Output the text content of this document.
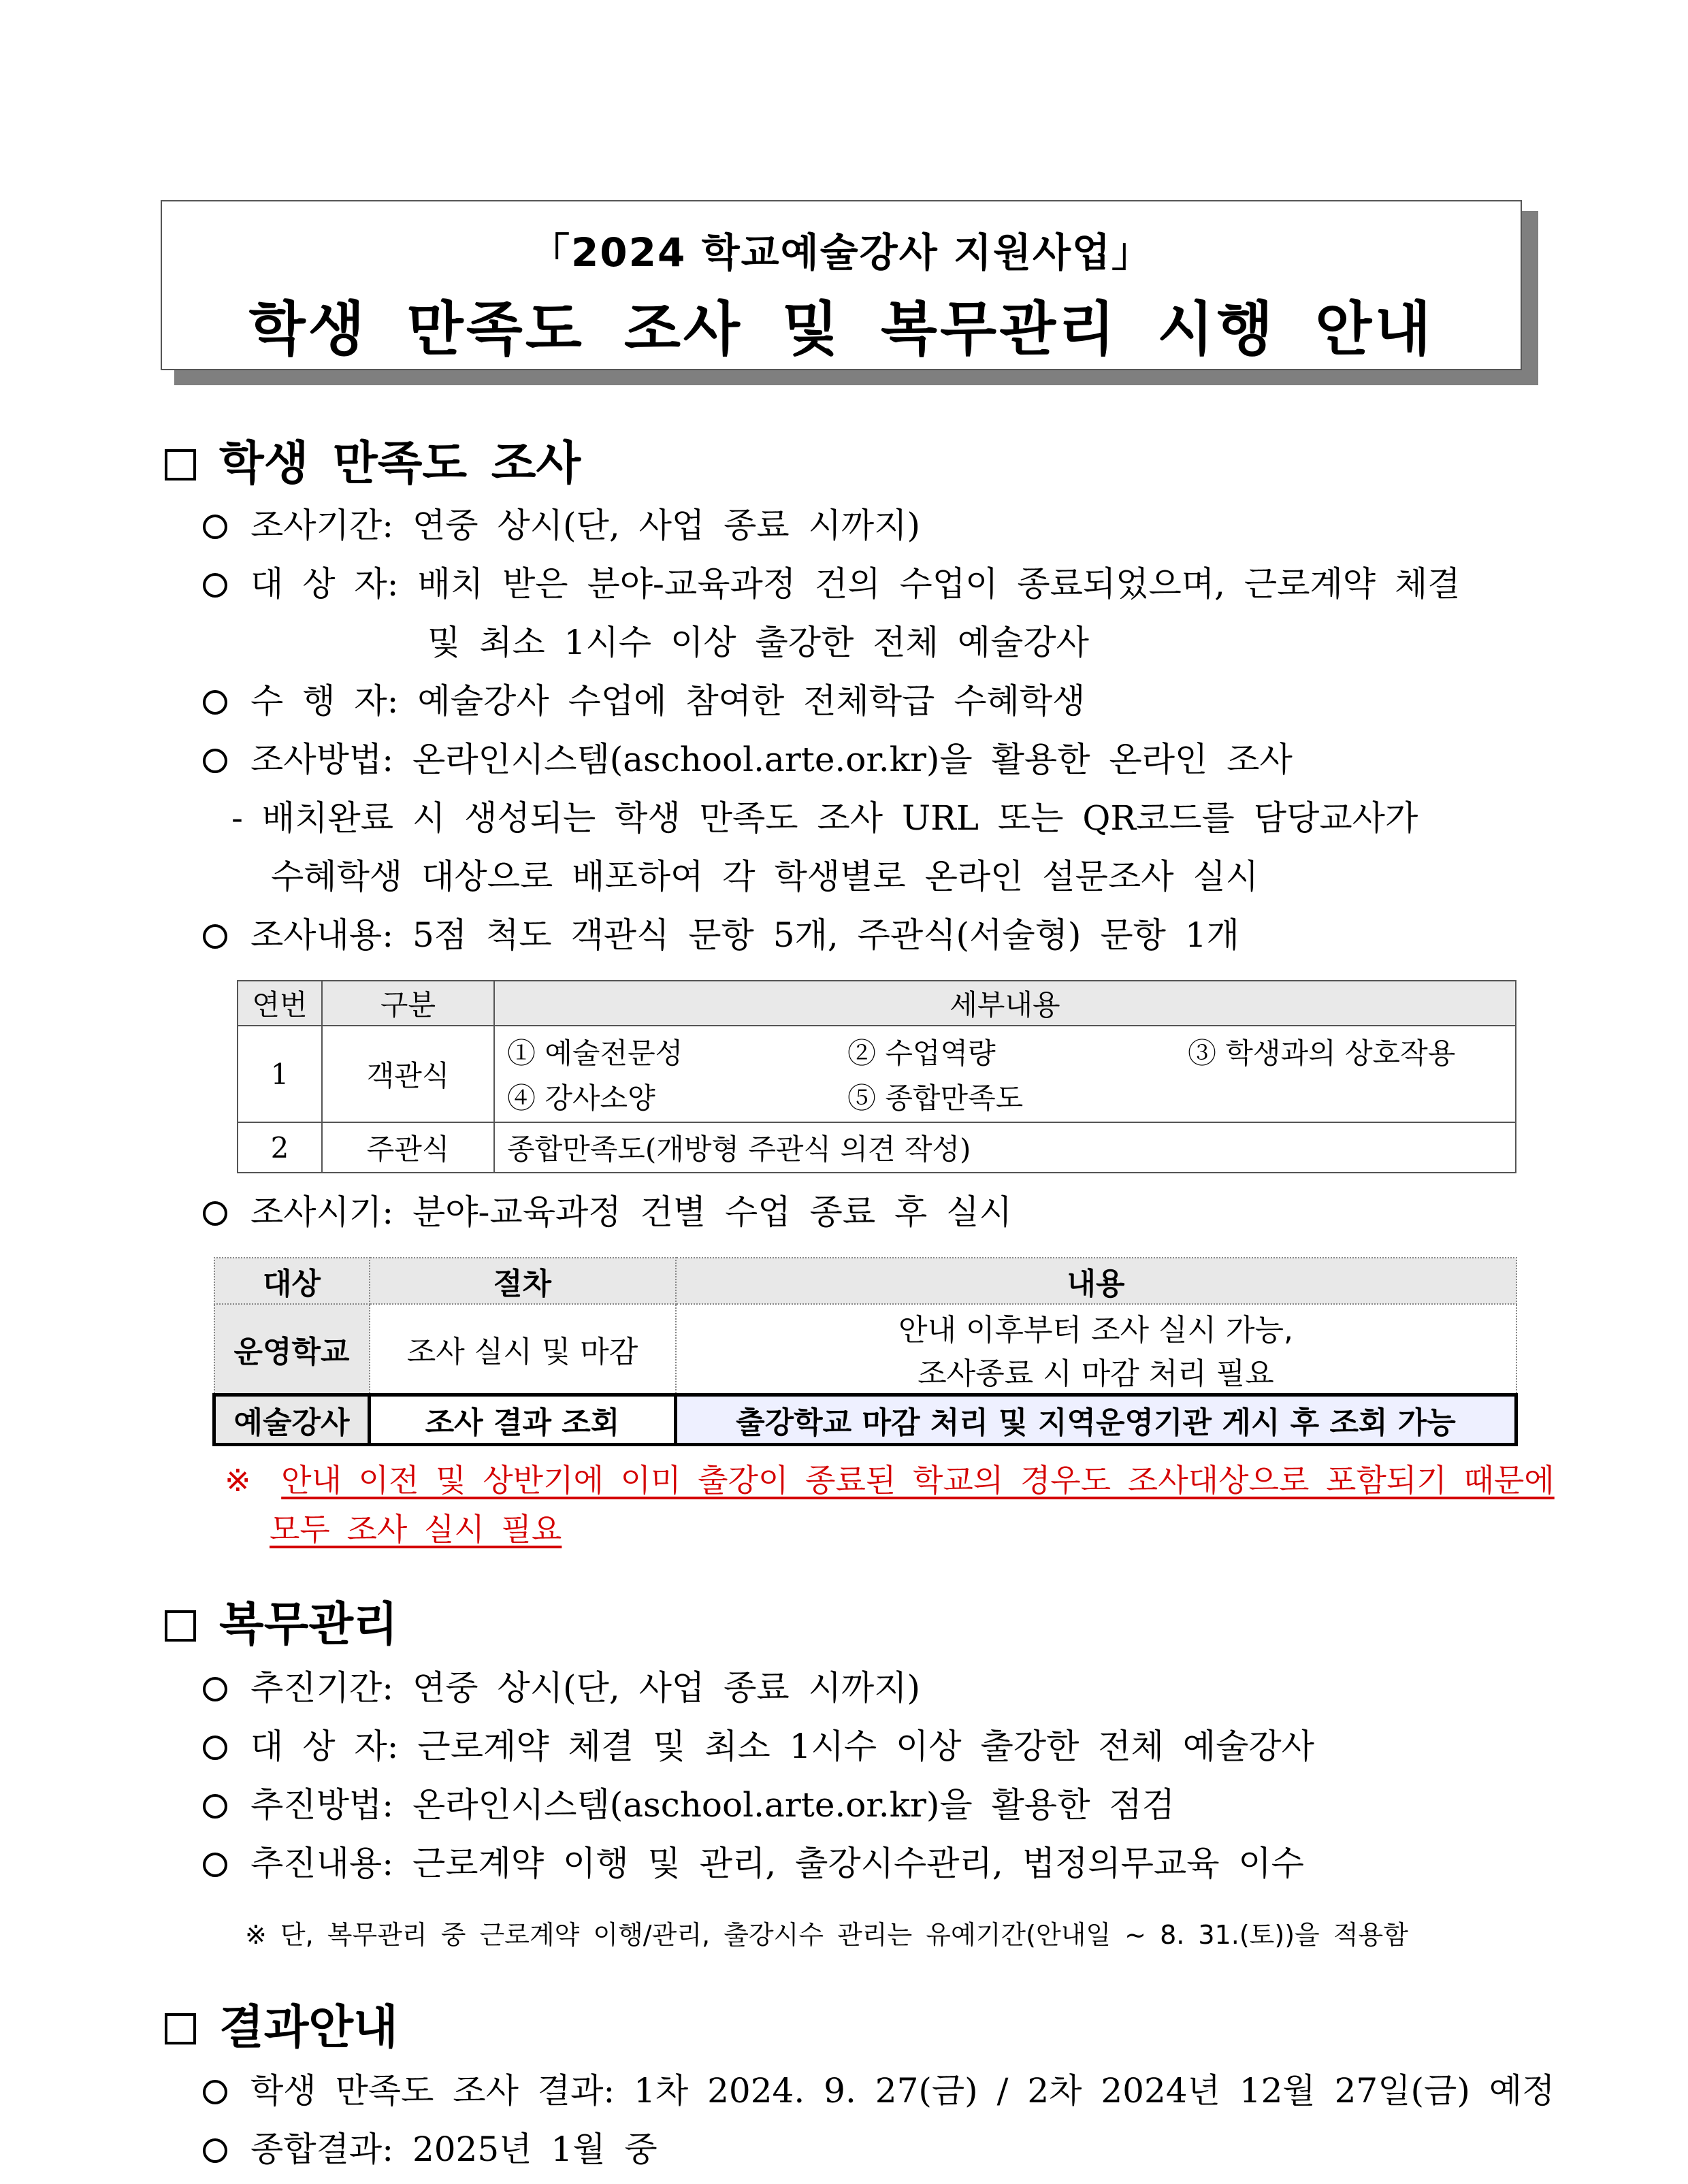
「2024 학교예술강사 지원사업」
학생 만족도 조사 및 복무관리 시행 안내
학생 만족도 조사
조사기간: 연중 상시(단, 사업 종료 시까지)
대 상 자: 배치 받은 분야-교육과정 건의 수업이 종료되었으며, 근로계약 체결
및 최소 1시수 이상 출강한 전체 예술강사
수 행 자: 예술강사 수업에 참여한 전체학급 수혜학생
조사방법: 온라인시스템(aschool.arte.or.kr)을 활용한 온라인 조사
- 배치완료 시 생성되는 학생 만족도 조사 URL 또는 QR코드를 담당교사가
수혜학생 대상으로 배포하여 각 학생별로 온라인 설문조사 실시
조사내용: 5점 척도 객관식 문항 5개, 주관식(서술형) 문항 1개
연번	구분	세부내용
1	객관식	① 예술전문성 ② 수업역량 ③ 학생과의 상호작용
④ 강사소양 ⑤ 종합만족도

2	주관식	종합만족도(개방형 주관식 의견 작성)
조사시기: 분야-교육과정 건별 수업 종료 후 실시
대상	절차	내용
운영학교	조사 실시 및 마감	안내 이후부터 조사 실시 가능,
조사종료 시 마감 처리 필요

예술강사	조사 결과 조회	출강학교 마감 처리 및 지역운영기관 게시 후 조회 가능
※ 안내 이전 및 상반기에 이미 출강이 종료된 학교의 경우도 조사대상으로 포함되기 때문에
모두 조사 실시 필요
복무관리
추진기간: 연중 상시(단, 사업 종료 시까지)
대 상 자: 근로계약 체결 및 최소 1시수 이상 출강한 전체 예술강사
추진방법: 온라인시스템(aschool.arte.or.kr)을 활용한 점검
추진내용: 근로계약 이행 및 관리, 출강시수관리, 법정의무교육 이수
※ 단, 복무관리 중 근로계약 이행/관리, 출강시수 관리는 유예기간(안내일 ~ 8. 31.(토))을 적용함
결과안내
학생 만족도 조사 결과: 1차 2024. 9. 27(금) / 2차 2024년 12월 27일(금) 예정
종합결과: 2025년 1월 중
